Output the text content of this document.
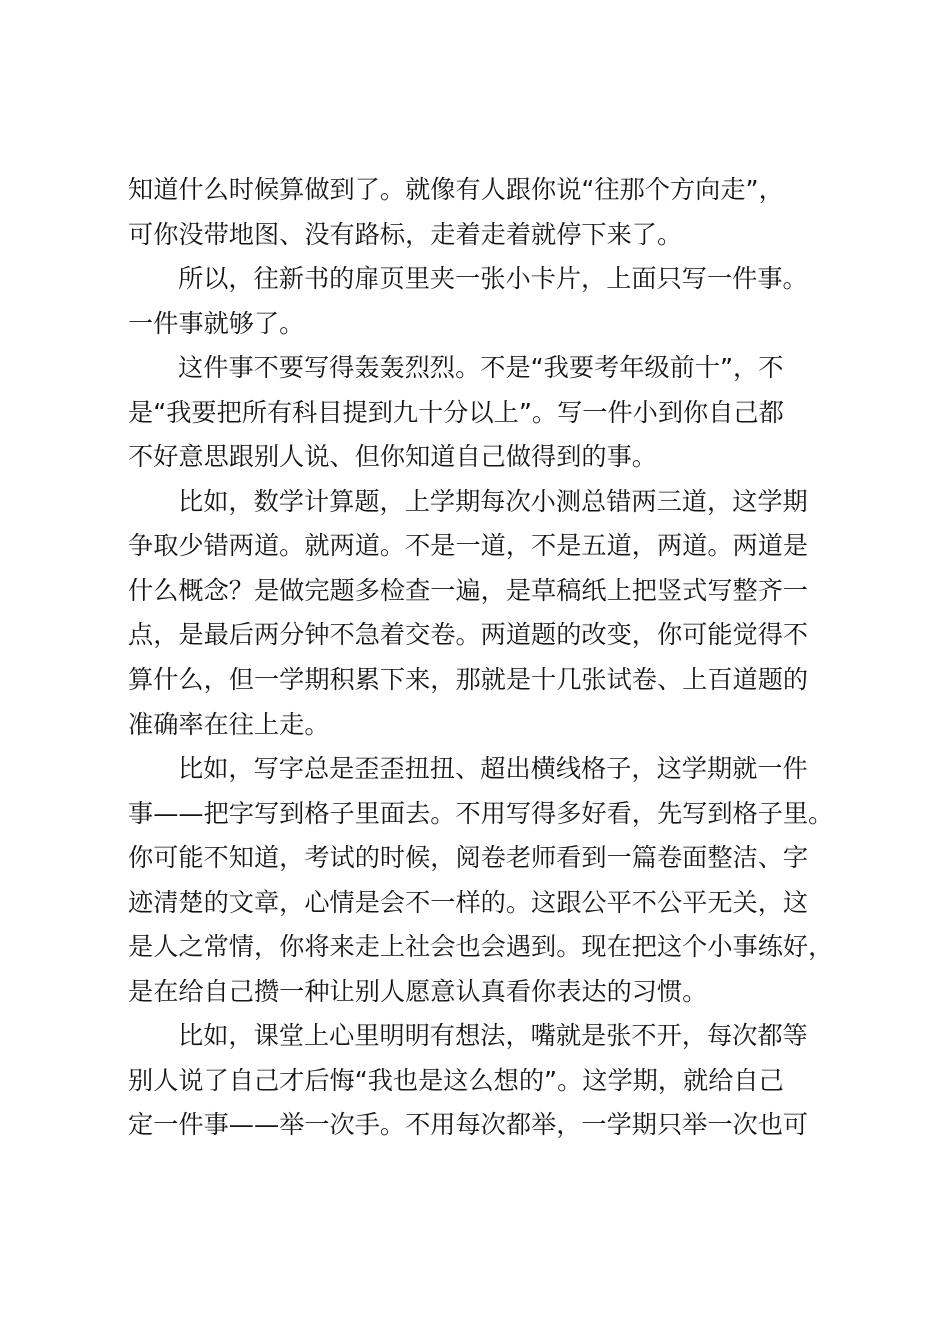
知道什么时候算做到了。就像有人跟你说“往那个方向走”，
可你没带地图、没有路标，走着走着就停下来了。
所以，往新书的扉页里夹一张小卡片，上面只写一件事。
一件事就够了。
这件事不要写得轰轰烈烈。不是“我要考年级前十”，不
是“我要把所有科目提到九十分以上”。写一件小到你自己都
不好意思跟别人说、但你知道自己做得到的事。
比如，数学计算题，上学期每次小测总错两三道，这学期
争取少错两道。就两道。不是一道，不是五道，两道。两道是
什么概念？是做完题多检查一遍，是草稿纸上把竖式写整齐一
点，是最后两分钟不急着交卷。两道题的改变，你可能觉得不
算什么，但一学期积累下来，那就是十几张试卷、上百道题的
准确率在往上走。
比如，写字总是歪歪扭扭、超出横线格子，这学期就一件
事——把字写到格子里面去。不用写得多好看，先写到格子里。
你可能不知道，考试的时候，阅卷老师看到一篇卷面整洁、字
迹清楚的文章，心情是会不一样的。这跟公平不公平无关，这
是人之常情，你将来走上社会也会遇到。现在把这个小事练好，
是在给自己攒一种让别人愿意认真看你表达的习惯。
比如，课堂上心里明明有想法，嘴就是张不开，每次都等
别人说了自己才后悔“我也是这么想的”。这学期，就给自己
定一件事——举一次手。不用每次都举，一学期只举一次也可
